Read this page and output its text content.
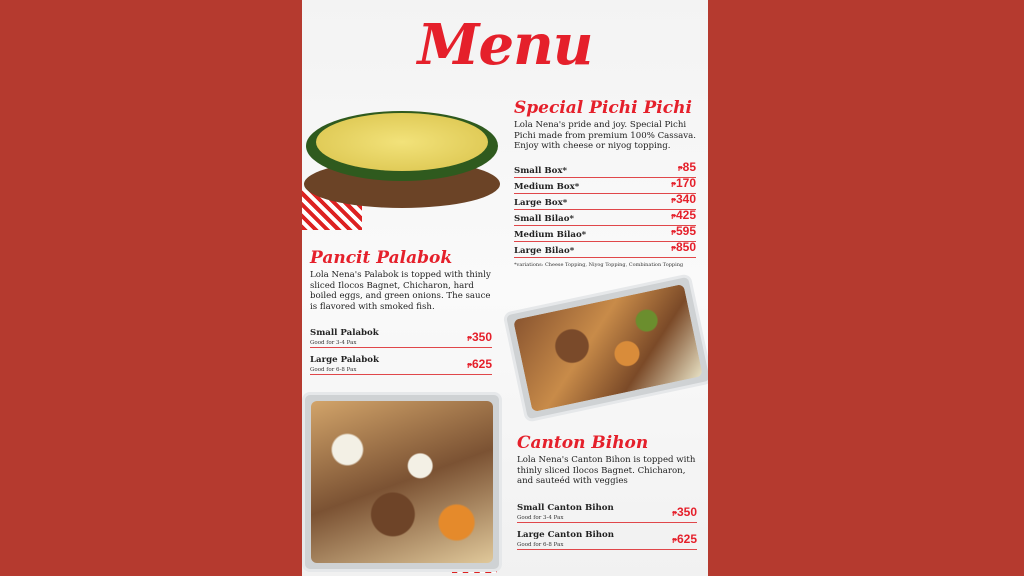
Menu
Special Pichi Pichi

Lola Nena's pride and joy. Special Pichi Pichi made from premium 100% Cassava. Enjoy with cheese or niyog topping.

Small Box*	₱85
Medium Box*	₱170
Large Box*	₱340
Small Bilao*	₱425
Medium Bilao*	₱595
Large Bilao*	₱850
*variations: Cheese Topping, Niyog Topping, Combination Topping
Pancit Palabok

Lola Nena's Palabok is topped with thinly sliced Ilocos Bagnet, Chicharon, hard boiled eggs, and green onions. The sauce is flavored with smoked fish.

Small Palabok
Good for 3-4 Pax	₱350
Large Palabok
Good for 6-8 Pax	₱625
Canton Bihon

Lola Nena's Canton Bihon is topped with thinly sliced Ilocos Bagnet. Chicharon, and sauteéd with veggies

Small Canton Bihon
Good for 3-4 Pax	₱350
Large Canton Bihon
Good for 6-8 Pax	₱625
